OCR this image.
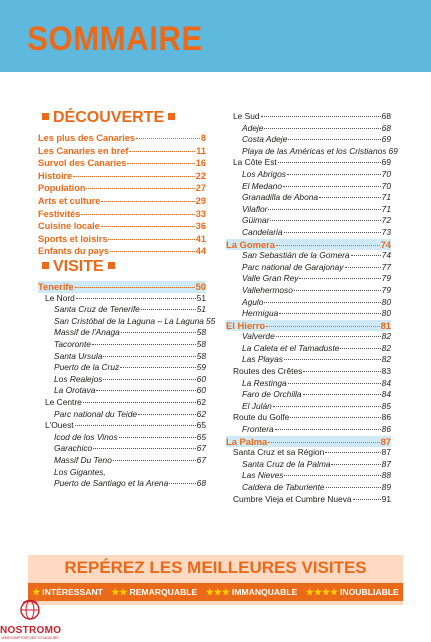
SOMMAIRE
DÉCOUVERTE
Les plus des Canaries	8
Les Canaries en bref	11
Survol des Canaries	16
Histoire	22
Population	27
Arts et culture	29
Festivités	33
Cuisine locale	36
Sports et loisirs	41
Enfants du pays	44
VISITE
Tenerife	50
Le Nord	51
Santa Cruz de Tenerife	51
San Cristóbal de la Laguna – La Laguna 55
Massif de l'Anaga	58
Tacoronte	58
Santa Ursula	58
Puerto de la Cruz	59
Los Realejos	60
La Orotava	60
Le Centre	62
Parc national du Teide	62
L'Ouest	65
Icod de los Vinos	65
Garachico	67
Massif Du Teno	67
Los Gigantes,
Puerto de Santiago et la Arena	68
Le Sud	68
Adeje	68
Costa Adeje	69
Playa de las Américas et los Cristianos 69
La Côte Est	69
Los Abrigos	70
El Medano	70
Granadilla de Abona	71
Vilaflor	71
Güimar	72
Candelaria	73
La Gomera	74
San Sebastián de la Gomera	74
Parc national de Garajonay	77
Valle Gran Rey	79
Vallehermoso	79
Agulo	80
Hermigua	80
El Hierro	81
Valverde	82
La Caleta et el Tamaduste	82
Las Playas	82
Routes des Crêtes	83
La Restinga	84
Faro de Orchilla	84
El Julán	85
Route du Golfe	86
Frontera	86
La Palma	87
Santa Cruz et sa Région	87
Santa Cruz de la Palma	87
Las Nieves	88
Caldera de Taburiente	89
Cumbre Vieja et Cumbre Nueva	91
REPÉREZ LES MEILLEURES VISITES
★ INTÉRESSANT ★★ REMARQUABLE ★★★ IMMANQUABLE ★★★★ INOUBLIABLE
NOSTROMO
WEB COMPTOIR DES VOYAGEURS
